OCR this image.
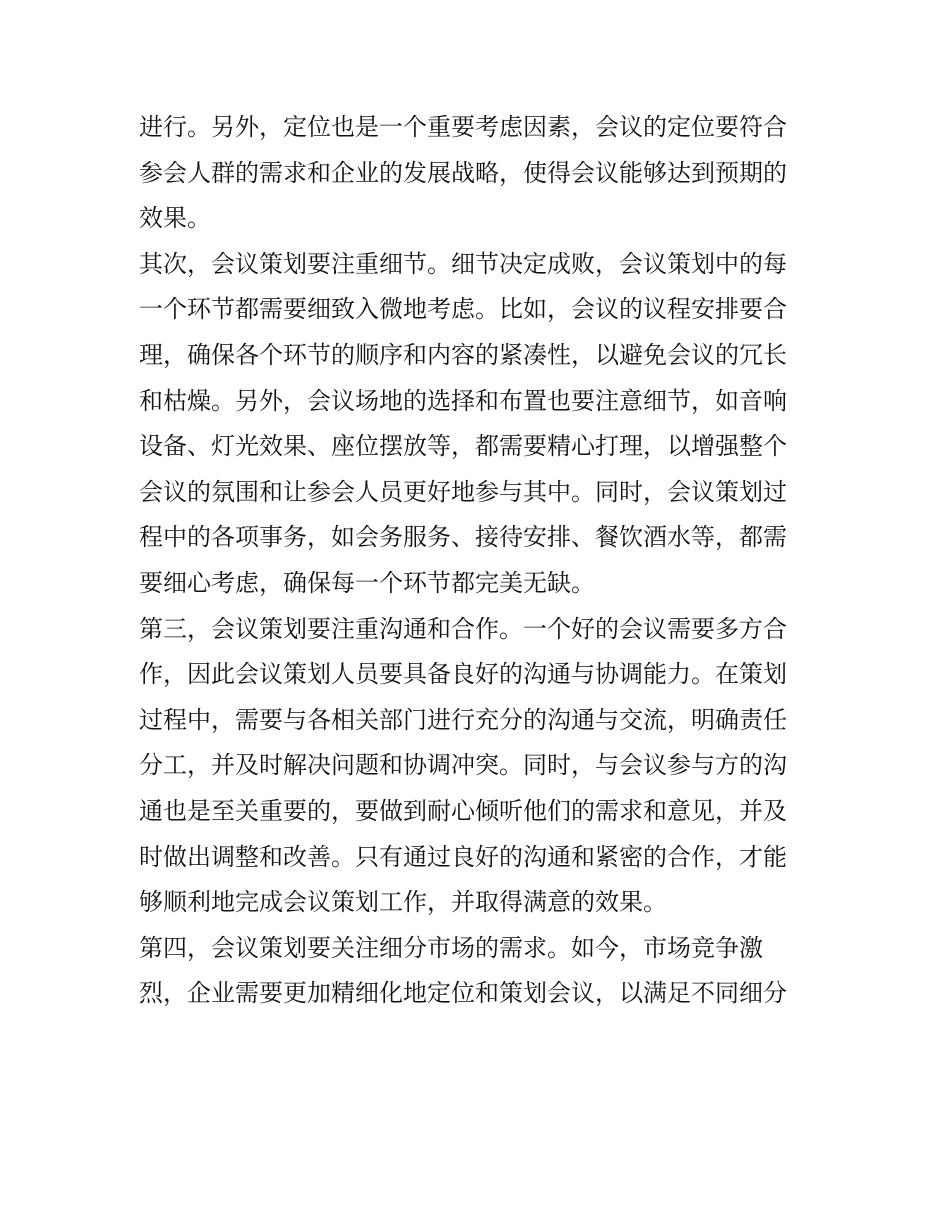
进行。另外，定位也是一个重要考虑因素，会议的定位要符合
参会人群的需求和企业的发展战略，使得会议能够达到预期的
效果。
其次，会议策划要注重细节。细节决定成败，会议策划中的每
一个环节都需要细致入微地考虑。比如，会议的议程安排要合
理，确保各个环节的顺序和内容的紧凑性，以避免会议的冗长
和枯燥。另外，会议场地的选择和布置也要注意细节，如音响
设备、灯光效果、座位摆放等，都需要精心打理，以增强整个
会议的氛围和让参会人员更好地参与其中。同时，会议策划过
程中的各项事务，如会务服务、接待安排、餐饮酒水等，都需
要细心考虑，确保每一个环节都完美无缺。
第三，会议策划要注重沟通和合作。一个好的会议需要多方合
作，因此会议策划人员要具备良好的沟通与协调能力。在策划
过程中，需要与各相关部门进行充分的沟通与交流，明确责任
分工，并及时解决问题和协调冲突。同时，与会议参与方的沟
通也是至关重要的，要做到耐心倾听他们的需求和意见，并及
时做出调整和改善。只有通过良好的沟通和紧密的合作，才能
够顺利地完成会议策划工作，并取得满意的效果。
第四，会议策划要关注细分市场的需求。如今，市场竞争激
烈，企业需要更加精细化地定位和策划会议，以满足不同细分
